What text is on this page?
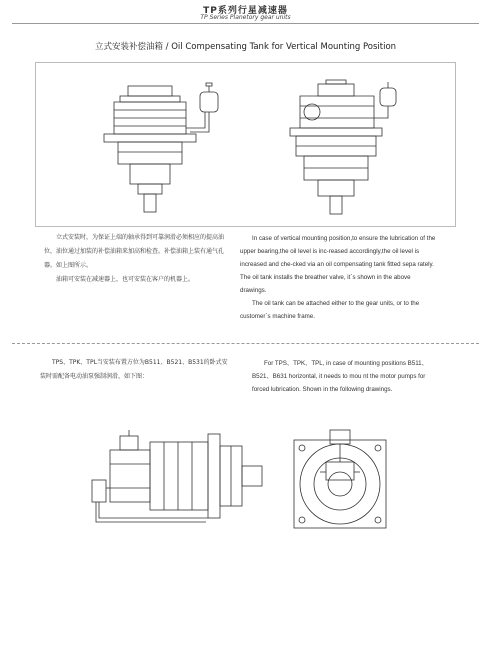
TP系列行星减速器
TP Series Planetory gear units
立式安装补偿油箱 / Oil Compensating Tank for Vertical Mounting Position

立式安装时，为保证上端的轴承得到可靠润滑必须相应的提高油位，油位通过加装的补偿油箱来加高和检查。补偿油箱上装有通气孔器。如上图所示。

油箱可安装在减速器上，也可安装在客户的机器上。

In case of vertical mounting position,to ensure the lubrication of the upper bearing,the oil level is inc-reased accordingly,the oil level is increased and che-cked via an oil compensating tank fitted sepa rately. The oil tank installs the breather valve, it`s shown in the above drawings.

The oil tank can be attached either to the gear units, or to the customer`s machine frame.

TPS、TPK、TPL当安装布置方位为B511、B521、B531的卧式安装时需配备电动油泵强制润滑，如下图：

For TPS、TPK、TPL, in case of mounting positions B511、B521、B631 horizontal, it needs to mou nt the motor pumps for forced lubrication. Shown in the following drawings.
